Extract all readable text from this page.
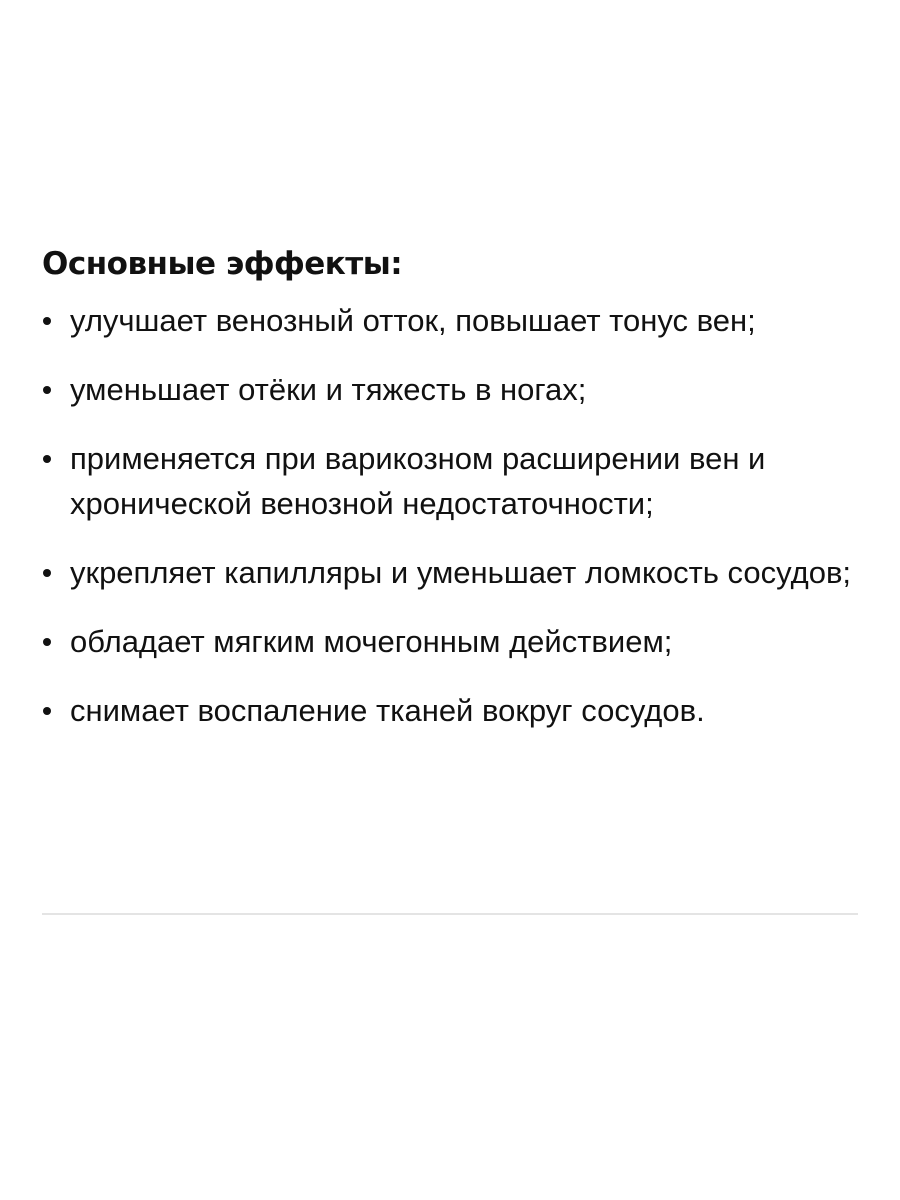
Основные эффекты:
улучшает венозный отток, повышает тонус вен;
уменьшает отёки и тяжесть в ногах;
применяется при варикозном расширении вен и хронической венозной недостаточности;
укрепляет капилляры и уменьшает ломкость сосудов;
обладает мягким мочегонным действием;
снимает воспаление тканей вокруг сосудов.
